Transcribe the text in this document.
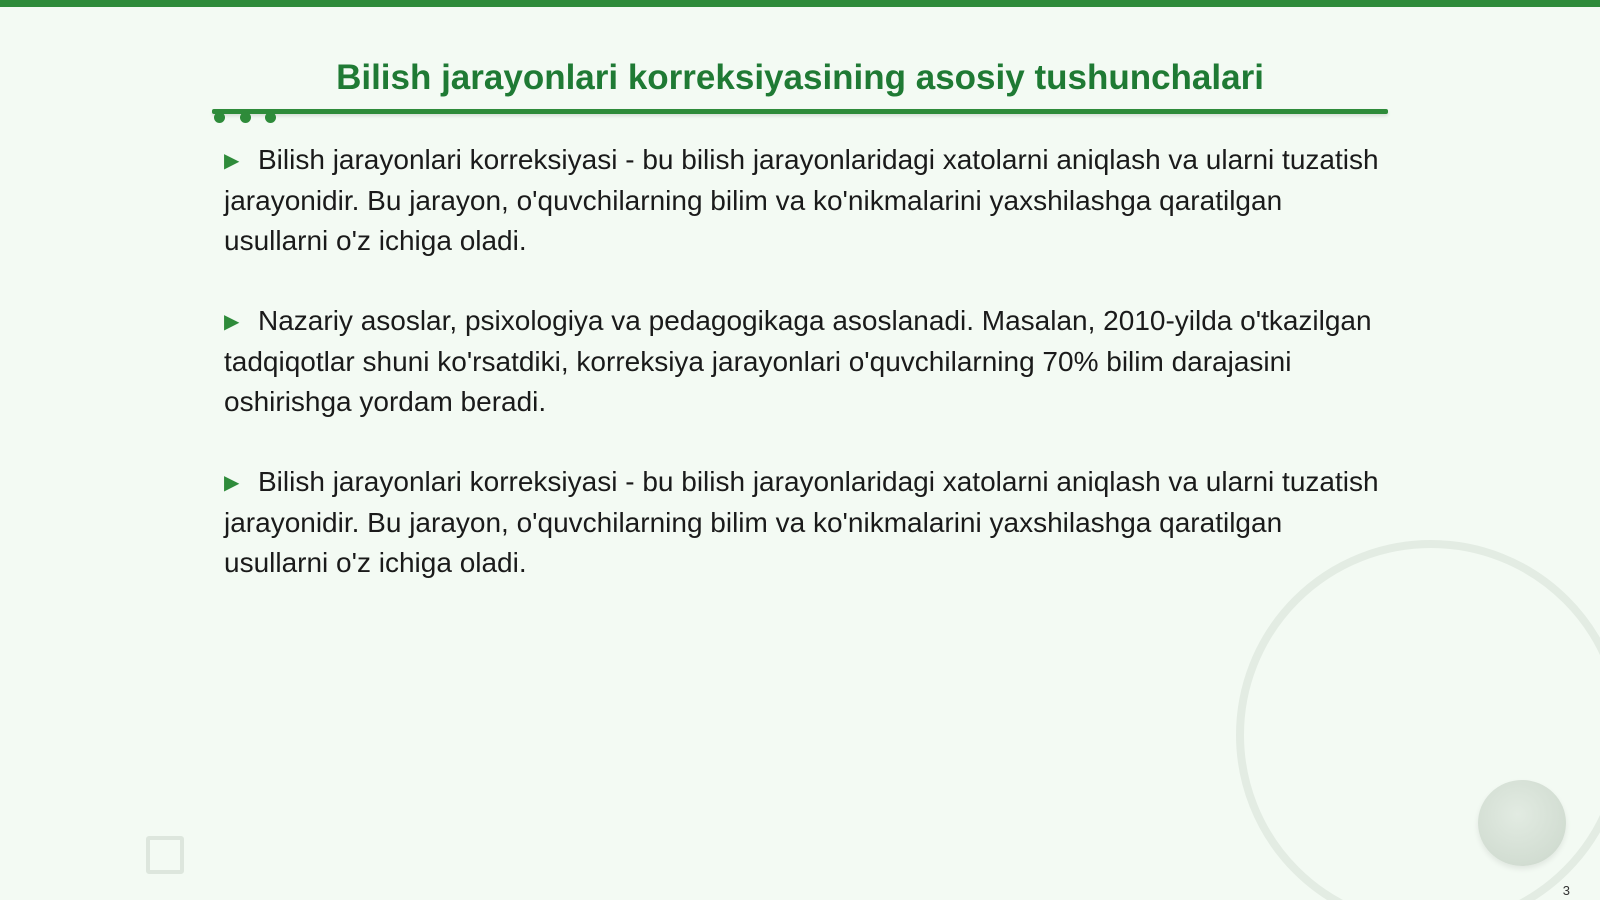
Bilish jarayonlari korreksiyasining asosiy tushunchalari
▶ Bilish jarayonlari korreksiyasi - bu bilish jarayonlaridagi xatolarni aniqlash va ularni tuzatish jarayonidir. Bu jarayon, o'quvchilarning bilim va ko'nikmalarini yaxshilashga qaratilgan usullarni o'z ichiga oladi.
▶ Nazariy asoslar, psixologiya va pedagogikaga asoslanadi. Masalan, 2010-yilda o'tkazilgan tadqiqotlar shuni ko'rsatdiki, korreksiya jarayonlari o'quvchilarning 70% bilim darajasini oshirishga yordam beradi.
▶ Bilish jarayonlari korreksiyasi - bu bilish jarayonlaridagi xatolarni aniqlash va ularni tuzatish jarayonidir. Bu jarayon, o'quvchilarning bilim va ko'nikmalarini yaxshilashga qaratilgan usullarni o'z ichiga oladi.
3
